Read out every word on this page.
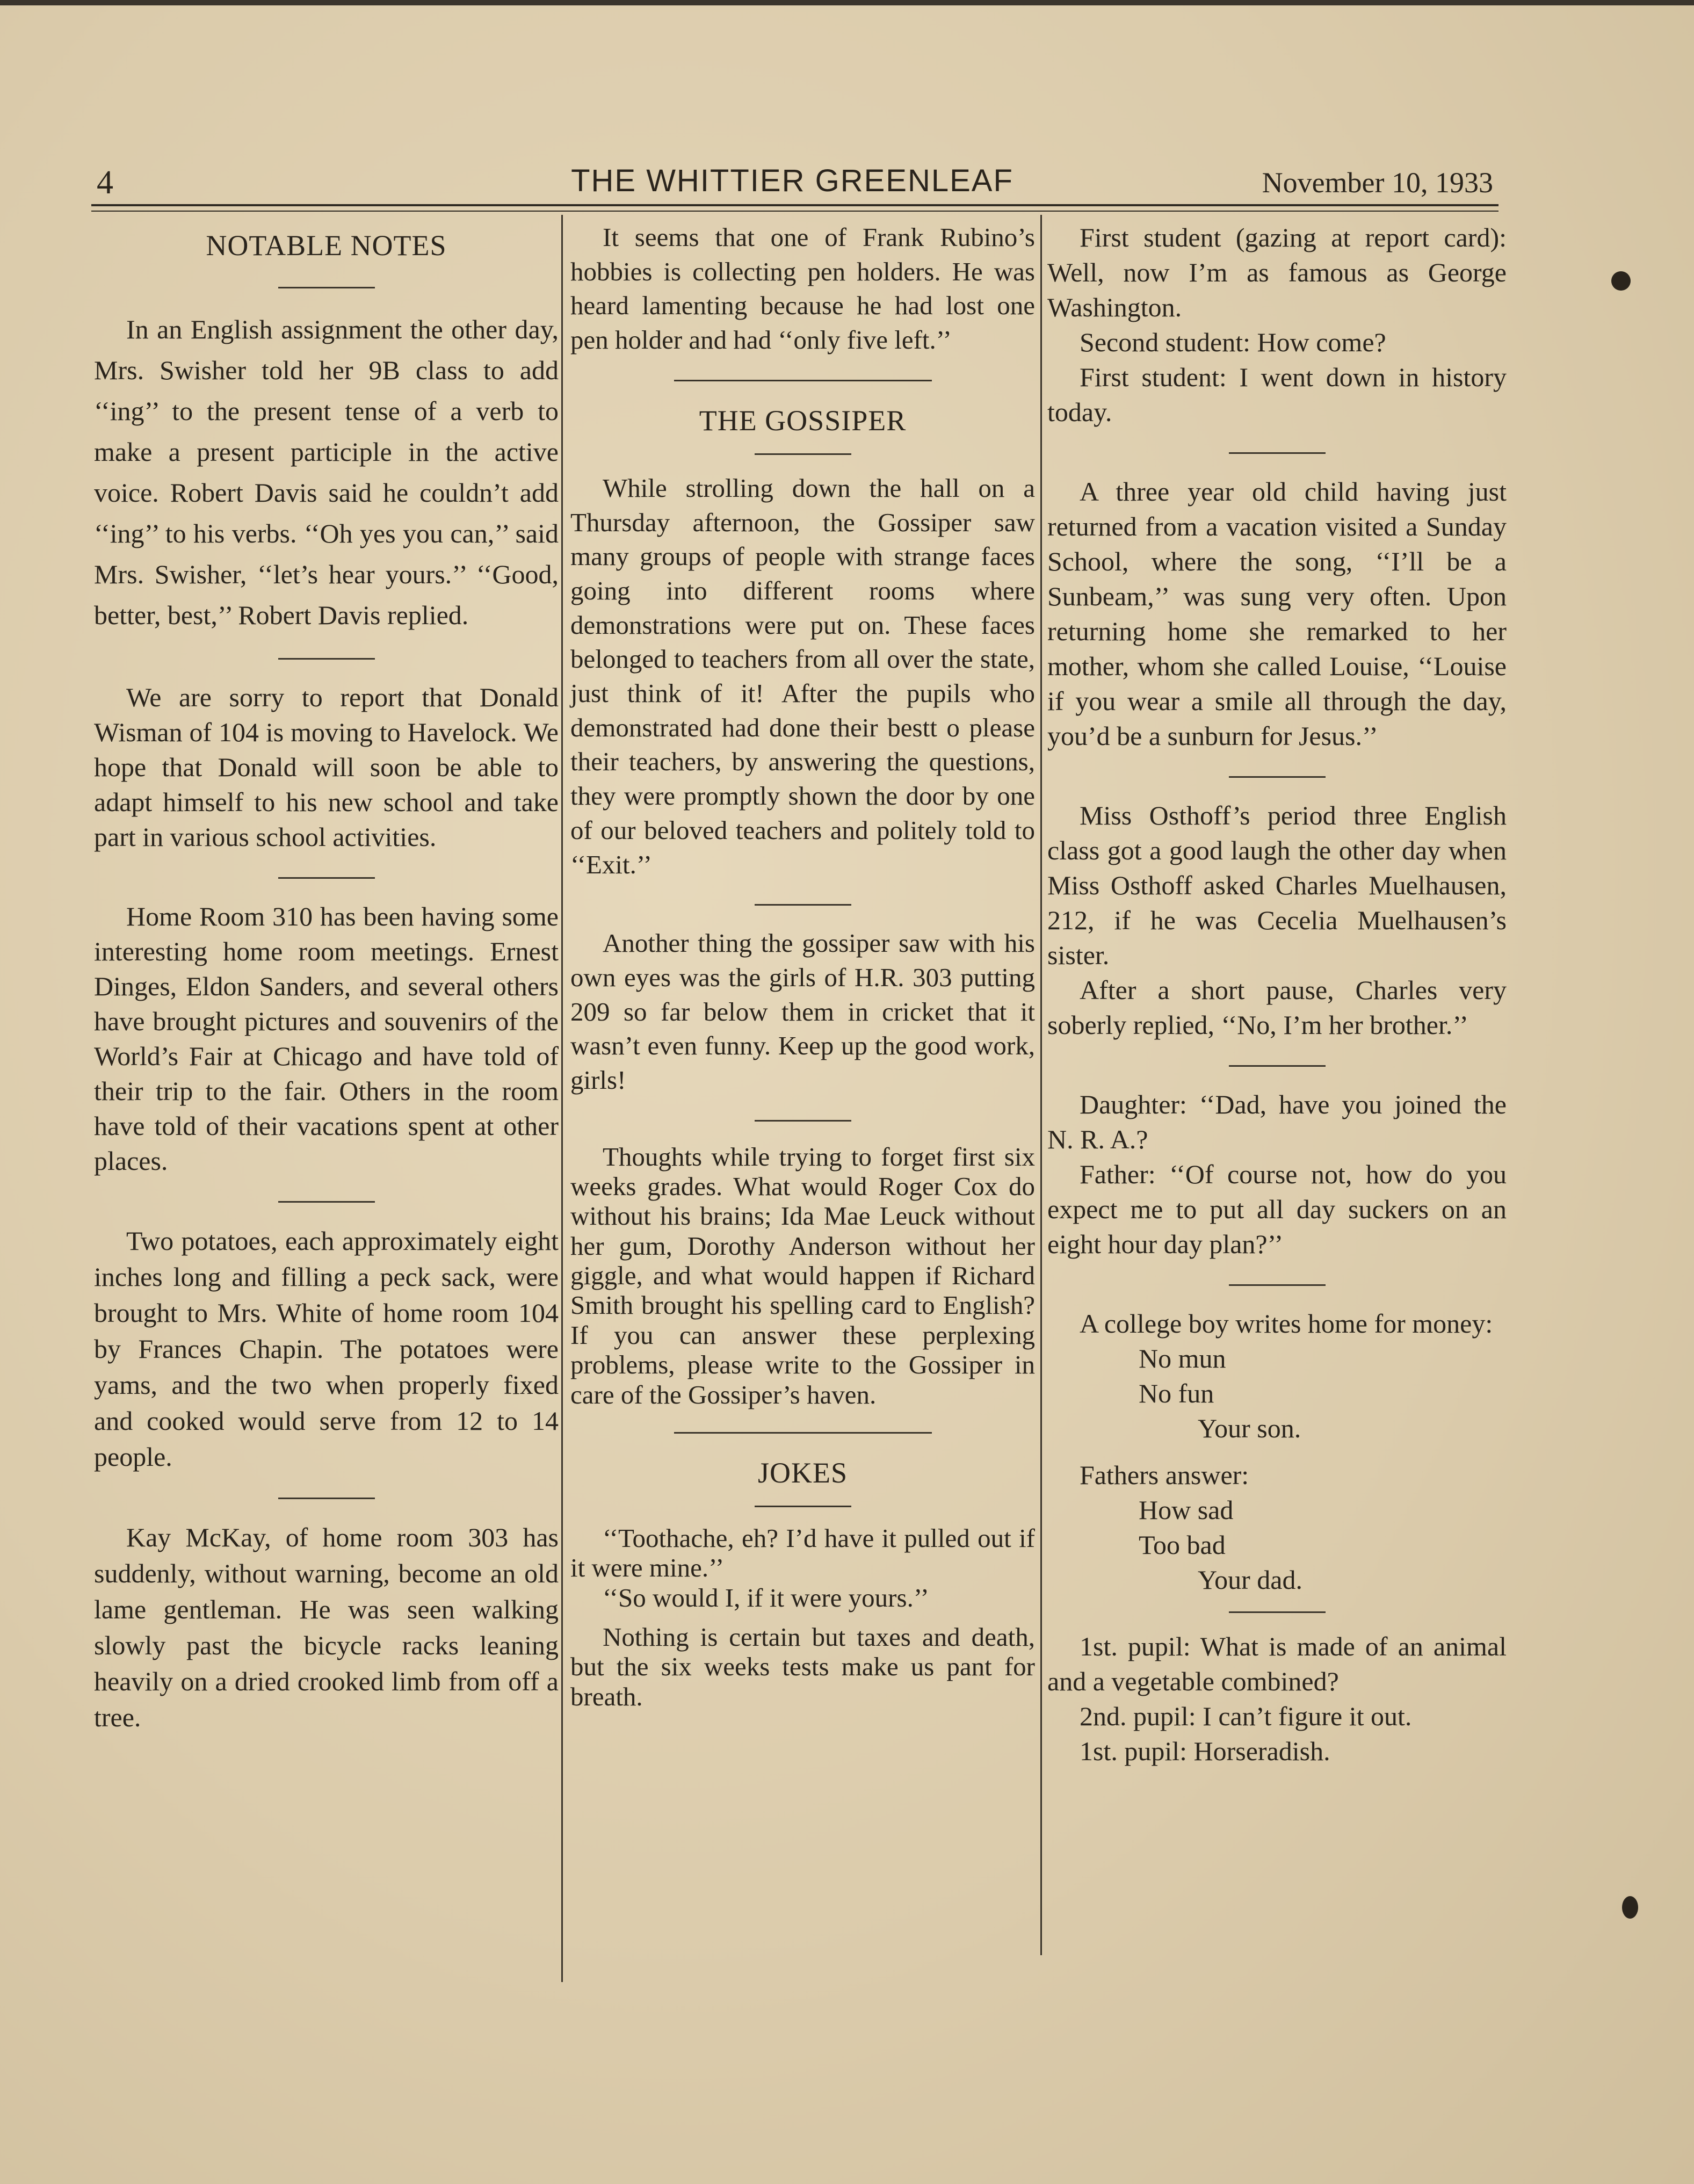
4	THE WHITTIER GREENLEAF	November 10, 1933
NOTABLE NOTES

In an English assignment the other day, Mrs. Swisher told her 9B class to add ‘‘ing’’ to the present tense of a verb to make a present participle in the active voice. Robert Davis said he couldn’t add ‘‘ing’’ to his verbs. ‘‘Oh yes you can,’’ said Mrs. Swisher, ‘‘let’s hear yours.’’ ‘‘Good, better, best,’’ Robert Davis replied.

We are sorry to report that Donald Wisman of 104 is moving to Havelock. We hope that Donald will soon be able to adapt himself to his new school and take part in various school activities.

Home Room 310 has been having some interesting home room meetings. Ernest Dinges, Eldon Sanders, and several others have brought pictures and souvenirs of the World’s Fair at Chicago and have told of their trip to the fair. Others in the room have told of their vacations spent at other places.

Two potatoes, each approximately eight inches long and filling a peck sack, were brought to Mrs. White of home room 104 by Frances Chapin. The potatoes were yams, and the two when properly fixed and cooked would serve from 12 to 14 people.

Kay McKay, of home room 303 has suddenly, without warning, become an old lame gentleman. He was seen walking slowly past the bicycle racks leaning heavily on a dried crooked limb from off a tree.

It seems that one of Frank Rubino’s hobbies is collecting pen holders. He was heard lamenting because he had lost one pen holder and had ‘‘only five left.’’

THE GOSSIPER

While strolling down the hall on a Thursday afternoon, the Gossiper saw many groups of people with strange faces going into different rooms where demonstrations were put on. These faces belonged to teachers from all over the state, just think of it! After the pupils who demonstrated had done their bestt o please their teachers, by answering the questions, they were promptly shown the door by one of our beloved teachers and politely told to ‘‘Exit.’’

Another thing the gossiper saw with his own eyes was the girls of H.R. 303 putting 209 so far below them in cricket that it wasn’t even funny. Keep up the good work, girls!

Thoughts while trying to forget first six weeks grades. What would Roger Cox do without his brains; Ida Mae Leuck without her gum, Dorothy Anderson without her giggle, and what would happen if Richard Smith brought his spelling card to English? If you can answer these perplexing problems, please write to the Gossiper in care of the Gossiper’s haven.

JOKES

‘‘Toothache, eh? I’d have it pulled out if it were mine.’’

‘‘So would I, if it were yours.’’

Nothing is certain but taxes and death, but the six weeks tests make us pant for breath.

First student (gazing at report card): Well, now I’m as famous as George Washington.

Second student: How come?

First student: I went down in history today.

A three year old child having just returned from a vacation visited a Sunday School, where the song, ‘‘I’ll be a Sunbeam,’’ was sung very often. Upon returning home she remarked to her mother, whom she called Louise, ‘‘Louise if you wear a smile all through the day, you’d be a sunburn for Jesus.’’

Miss Osthoff’s period three English class got a good laugh the other day when Miss Osthoff asked Charles Muelhausen, 212, if he was Cecelia Muelhausen’s sister.

After a short pause, Charles very soberly replied, ‘‘No, I’m her brother.’’

Daughter: ‘‘Dad, have you joined the N. R. A.?

Father: ‘‘Of course not, how do you expect me to put all day suckers on an eight hour day plan?’’

A college boy writes home for money:

No mun

No fun

Your son.

Fathers answer:

How sad

Too bad

Your dad.

1st. pupil: What is made of an animal and a vegetable combined?

2nd. pupil: I can’t figure it out.

1st. pupil: Horseradish.
